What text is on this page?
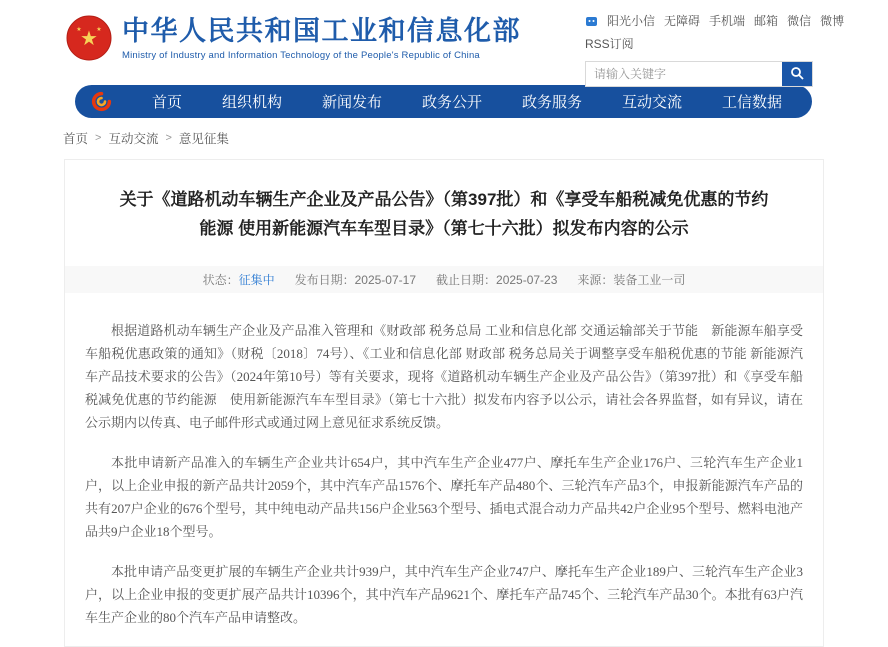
★
★ ★ 中华人民共和国工业和信息化部
Ministry of Industry and Information Technology of the People's Republic of China
阳光小信 无障碍 手机端 邮箱 微信 微博
RSS订阅
请输入关键字
首页	组织机构	新闻发布	政务公开	政务服务	互动交流	工信数据
首页 > 互动交流 > 意见征集
关于《道路机动车辆生产企业及产品公告》（第397批）和《享受车船税减免优惠的节约能源 使用新能源汽车车型目录》（第七十六批）拟发布内容的公示
状态：征集中 发布日期：2025-07-17 截止日期：2025-07-23 来源：装备工业一司

根据道路机动车辆生产企业及产品准入管理和《财政部 税务总局 工业和信息化部 交通运输部关于节能　新能源车船享受车船税优惠政策的通知》（财税〔2018〕74号）、《工业和信息化部 财政部 税务总局关于调整享受车船税优惠的节能 新能源汽车产品技术要求的公告》（2024年第10号）等有关要求，现将《道路机动车辆生产企业及产品公告》（第397批）和《享受车船税减免优惠的节约能源　使用新能源汽车车型目录》（第七十六批）拟发布内容予以公示，请社会各界监督，如有异议，请在公示期内以传真、电子邮件形式或通过网上意见征求系统反馈。

本批申请新产品准入的车辆生产企业共计654户，其中汽车生产企业477户、摩托车生产企业176户、三轮汽车生产企业1户，以上企业申报的新产品共计2059个，其中汽车产品1576个、摩托车产品480个、三轮汽车产品3个，申报新能源汽车产品的共有207户企业的676个型号，其中纯电动产品共156户企业563个型号、插电式混合动力产品共42户企业95个型号、燃料电池产品共9户企业18个型号。

本批申请产品变更扩展的车辆生产企业共计939户，其中汽车生产企业747户、摩托车生产企业189户、三轮汽车生产企业3户，以上企业申报的变更扩展产品共计10396个，其中汽车产品9621个、摩托车产品745个、三轮汽车产品30个。本批有63户汽车生产企业的80个汽车产品申请整改。
